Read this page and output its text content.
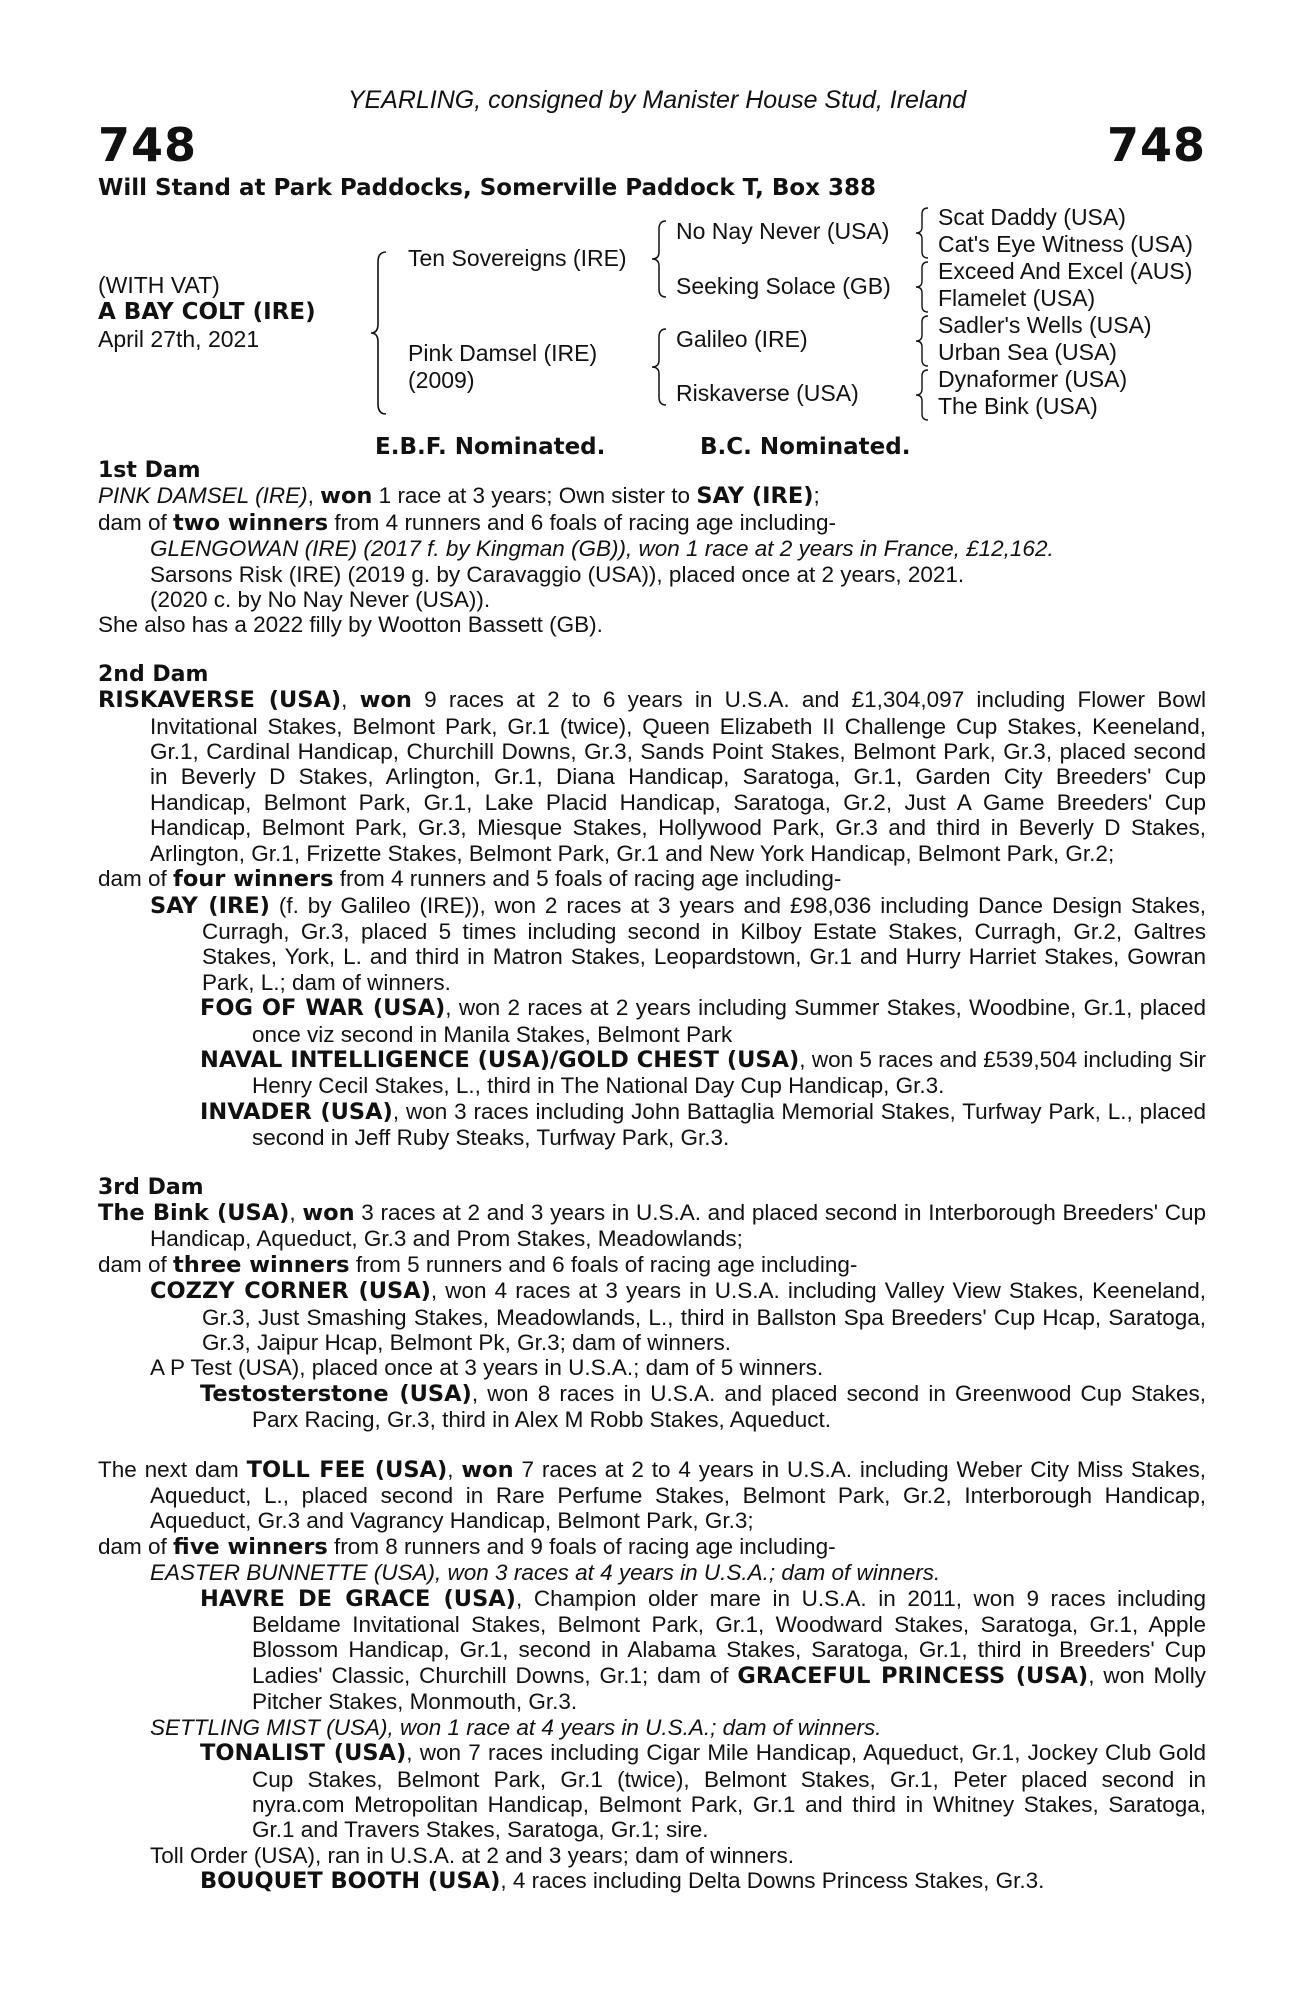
YEARLING, consigned by Manister House Stud, Ireland
748	748
Will Stand at Park Paddocks, Somerville Paddock T, Box 388
(WITH VAT)
A BAY COLT (IRE)
April 27th, 2021
Ten Sovereigns (IRE)
Pink Damsel (IRE)
(2009)
No Nay Never (USA)
Seeking Solace (GB)
Galileo (IRE)
Riskaverse (USA)
Scat Daddy (USA)
Cat's Eye Witness (USA)
Exceed And Excel (AUS)
Flamelet (USA)
Sadler's Wells (USA)
Urban Sea (USA)
Dynaformer (USA)
The Bink (USA)
E.B.F. Nominated.	B.C. Nominated.

1st Dam

PINK DAMSEL (IRE), won 1 race at 3 years; Own sister to SAY (IRE);

dam of two winners from 4 runners and 6 foals of racing age including-

GLENGOWAN (IRE) (2017 f. by Kingman (GB)), won 1 race at 2 years in France, £12,162.

Sarsons Risk (IRE) (2019 g. by Caravaggio (USA)), placed once at 2 years, 2021.

(2020 c. by No Nay Never (USA)).

She also has a 2022 filly by Wootton Bassett (GB).

2nd Dam

RISKAVERSE (USA), won 9 races at 2 to 6 years in U.S.A. and £1,304,097 including Flower Bowl Invitational Stakes, Belmont Park, Gr.1 (twice), Queen Elizabeth II Challenge Cup Stakes, Keeneland, Gr.1, Cardinal Handicap, Churchill Downs, Gr.3, Sands Point Stakes, Belmont Park, Gr.3, placed second in Beverly D Stakes, Arlington, Gr.1, Diana Handicap, Saratoga, Gr.1, Garden City Breeders' Cup Handicap, Belmont Park, Gr.1, Lake Placid Handicap, Saratoga, Gr.2, Just A Game Breeders' Cup Handicap, Belmont Park, Gr.3, Miesque Stakes, Hollywood Park, Gr.3 and third in Beverly D Stakes, Arlington, Gr.1, Frizette Stakes, Belmont Park, Gr.1 and New York Handicap, Belmont Park, Gr.2;

dam of four winners from 4 runners and 5 foals of racing age including-

SAY (IRE) (f. by Galileo (IRE)), won 2 races at 3 years and £98,036 including Dance Design Stakes, Curragh, Gr.3, placed 5 times including second in Kilboy Estate Stakes, Curragh, Gr.2, Galtres Stakes, York, L. and third in Matron Stakes, Leopardstown, Gr.1 and Hurry Harriet Stakes, Gowran Park, L.; dam of winners.

FOG OF WAR (USA), won 2 races at 2 years including Summer Stakes, Woodbine, Gr.1, placed once viz second in Manila Stakes, Belmont Park

NAVAL INTELLIGENCE (USA)/GOLD CHEST (USA), won 5 races and £539,504 including Sir Henry Cecil Stakes, L., third in The National Day Cup Handicap, Gr.3.

INVADER (USA), won 3 races including John Battaglia Memorial Stakes, Turfway Park, L., placed second in Jeff Ruby Steaks, Turfway Park, Gr.3.

3rd Dam

The Bink (USA), won 3 races at 2 and 3 years in U.S.A. and placed second in Interborough Breeders' Cup Handicap, Aqueduct, Gr.3 and Prom Stakes, Meadowlands;

dam of three winners from 5 runners and 6 foals of racing age including-

COZZY CORNER (USA), won 4 races at 3 years in U.S.A. including Valley View Stakes, Keeneland, Gr.3, Just Smashing Stakes, Meadowlands, L., third in Ballston Spa Breeders' Cup Hcap, Saratoga, Gr.3, Jaipur Hcap, Belmont Pk, Gr.3; dam of winners.

A P Test (USA), placed once at 3 years in U.S.A.; dam of 5 winners.

Testosterstone (USA), won 8 races in U.S.A. and placed second in Greenwood Cup Stakes, Parx Racing, Gr.3, third in Alex M Robb Stakes, Aqueduct.

The next dam TOLL FEE (USA), won 7 races at 2 to 4 years in U.S.A. including Weber City Miss Stakes, Aqueduct, L., placed second in Rare Perfume Stakes, Belmont Park, Gr.2, Interborough Handicap, Aqueduct, Gr.3 and Vagrancy Handicap, Belmont Park, Gr.3;

dam of five winners from 8 runners and 9 foals of racing age including-

EASTER BUNNETTE (USA), won 3 races at 4 years in U.S.A.; dam of winners.

HAVRE DE GRACE (USA), Champion older mare in U.S.A. in 2011, won 9 races including Beldame Invitational Stakes, Belmont Park, Gr.1, Woodward Stakes, Saratoga, Gr.1, Apple Blossom Handicap, Gr.1, second in Alabama Stakes, Saratoga, Gr.1, third in Breeders' Cup Ladies' Classic, Churchill Downs, Gr.1; dam of GRACEFUL PRINCESS (USA), won Molly Pitcher Stakes, Monmouth, Gr.3.

SETTLING MIST (USA), won 1 race at 4 years in U.S.A.; dam of winners.

TONALIST (USA), won 7 races including Cigar Mile Handicap, Aqueduct, Gr.1, Jockey Club Gold Cup Stakes, Belmont Park, Gr.1 (twice), Belmont Stakes, Gr.1, Peter placed second in nyra.com Metropolitan Handicap, Belmont Park, Gr.1 and third in Whitney Stakes, Saratoga, Gr.1 and Travers Stakes, Saratoga, Gr.1; sire.

Toll Order (USA), ran in U.S.A. at 2 and 3 years; dam of winners.

BOUQUET BOOTH (USA), 4 races including Delta Downs Princess Stakes, Gr.3.
